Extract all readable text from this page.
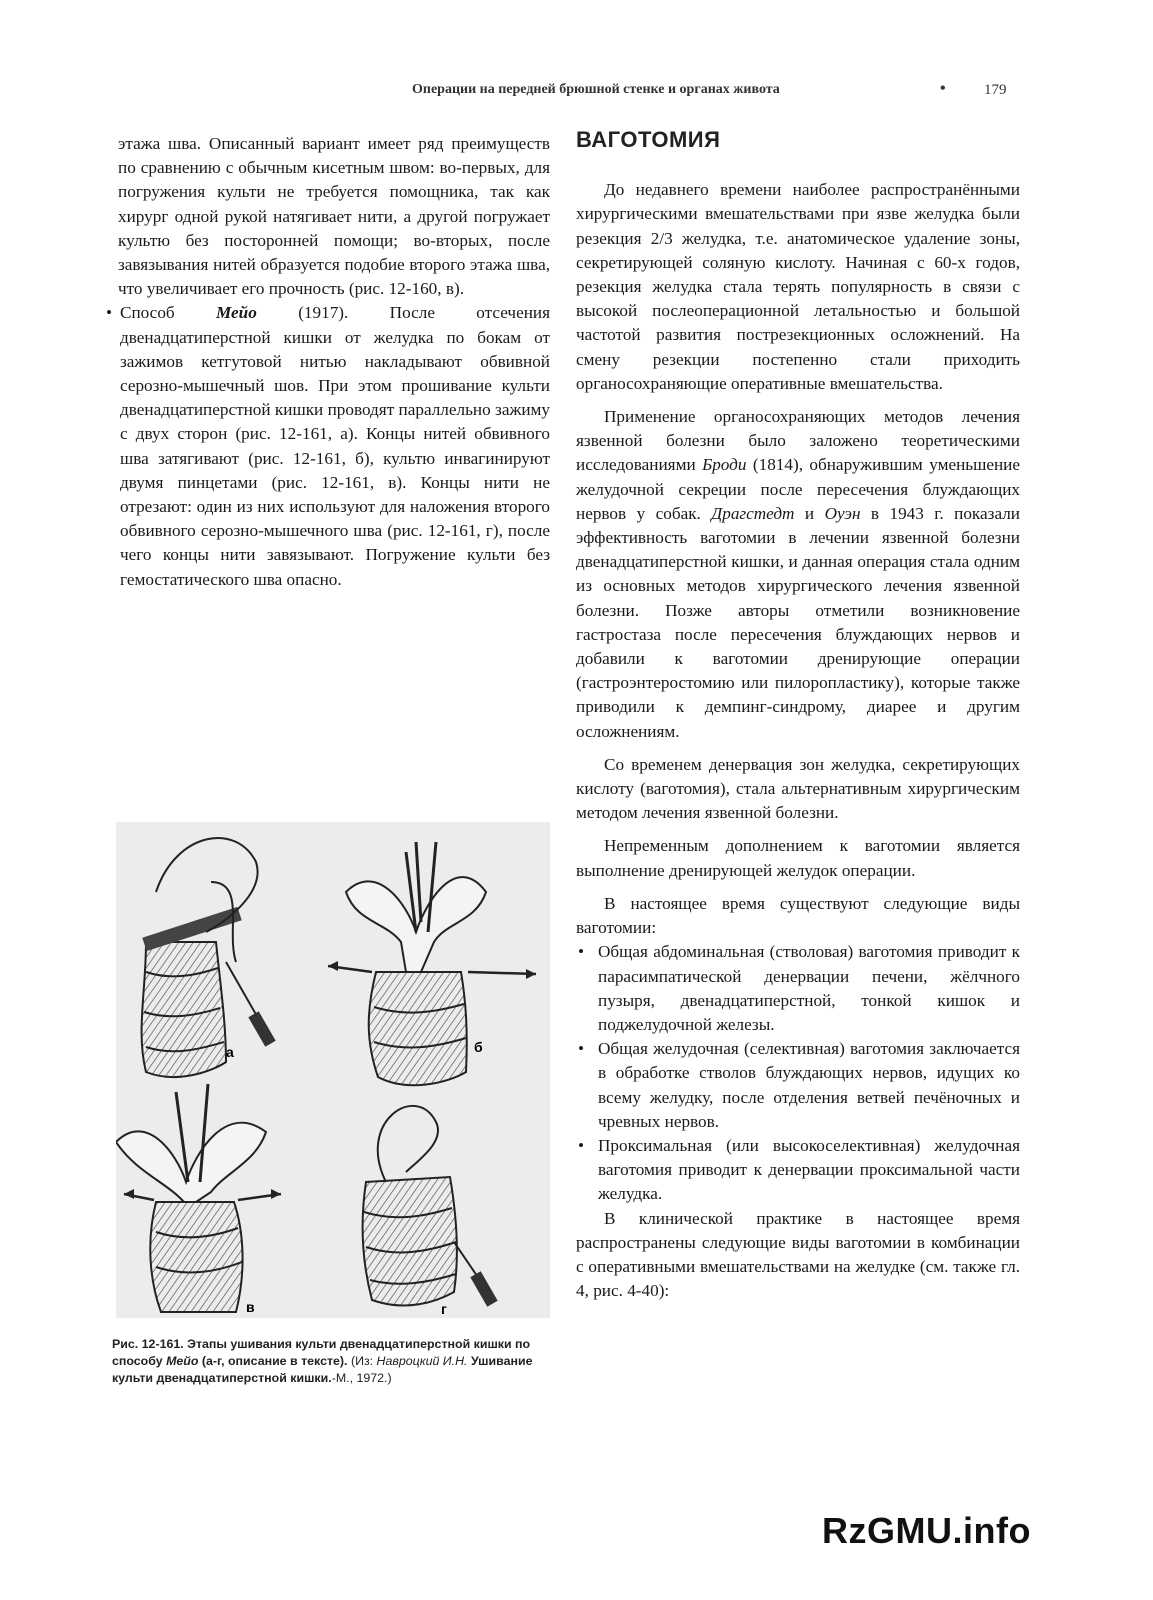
Операции на передней брюшной стенке и органах живота	•	179

этажа шва. Описанный вариант имеет ряд преимуществ по сравнению с обычным кисетным швом: во-первых, для погружения культи не требуется помощника, так как хирург одной рукой натягивает нити, а другой погружает культю без посторонней помощи; во-вторых, после завязывания нитей образуется подобие второго этажа шва, что увеличивает его прочность (рис. 12-160, в).

• Способ Мейо (1917). После отсечения двенадцатиперстной кишки от желудка по бокам от зажимов кетгутовой нитью накладывают обвивной серозно-мышечный шов. При этом прошивание культи двенадцатиперстной кишки проводят параллельно зажиму с двух сторон (рис. 12-161, а). Концы нитей обвивного шва затягивают (рис. 12-161, б), культю инвагинируют двумя пинцетами (рис. 12-161, в). Концы нити не отрезают: один из них используют для наложения второго обвивного серозно-мышечного шва (рис. 12-161, г), после чего концы нити завязывают. Погружение культи без гемостатического шва опасно.

а	б
в	г
Рис. 12-161. Этапы ушивания культи двенадцатиперстной кишки по способу Мейо (а-г, описание в тексте). (Из: Навроцкий И.Н. Ушивание культи двенадцатиперстной кишки.-М., 1972.)
ВАГОТОМИЯ

До недавнего времени наиболее распространёнными хирургическими вмешательствами при язве желудка были резекция 2/3 желудка, т.е. анатомическое удаление зоны, секретирующей соляную кислоту. Начиная с 60-х годов, резекция желудка стала терять популярность в связи с высокой послеоперационной летальностью и большой частотой развития пострезекционных осложнений. На смену резекции постепенно стали приходить органосохраняющие оперативные вмешательства.

Применение органосохраняющих методов лечения язвенной болезни было заложено теоретическими исследованиями Броди (1814), обнаружившим уменьшение желудочной секреции после пересечения блуждающих нервов у собак. Драгстедт и Оуэн в 1943 г. показали эффективность ваготомии в лечении язвенной болезни двенадцатиперстной кишки, и данная операция стала одним из основных методов хирургического лечения язвенной болезни. Позже авторы отметили возникновение гастростаза после пересечения блуждающих нервов и добавили к ваготомии дренирующие операции (гастроэнтеростомию или пилоропластику), которые также приводили к демпинг-синдрому, диарее и другим осложнениям.

Со временем денервация зон желудка, секретирующих кислоту (ваготомия), стала альтернативным хирургическим методом лечения язвенной болезни.

Непременным дополнением к ваготомии является выполнение дренирующей желудок операции.

В настоящее время существуют следующие виды ваготомии:

• Общая абдоминальная (стволовая) ваготомия приводит к парасимпатической денервации печени, жёлчного пузыря, двенадцатиперстной, тонкой кишок и поджелудочной железы.

• Общая желудочная (селективная) ваготомия заключается в обработке стволов блуждающих нервов, идущих ко всему желудку, после отделения ветвей печёночных и чревных нервов.

• Проксимальная (или высокоселективная) желудочная ваготомия приводит к денервации проксимальной части желудка.

В клинической практике в настоящее время распространены следующие виды ваготомии в комбинации с оперативными вмешательствами на желудке (см. также гл. 4, рис. 4-40):

RzGMU.info
